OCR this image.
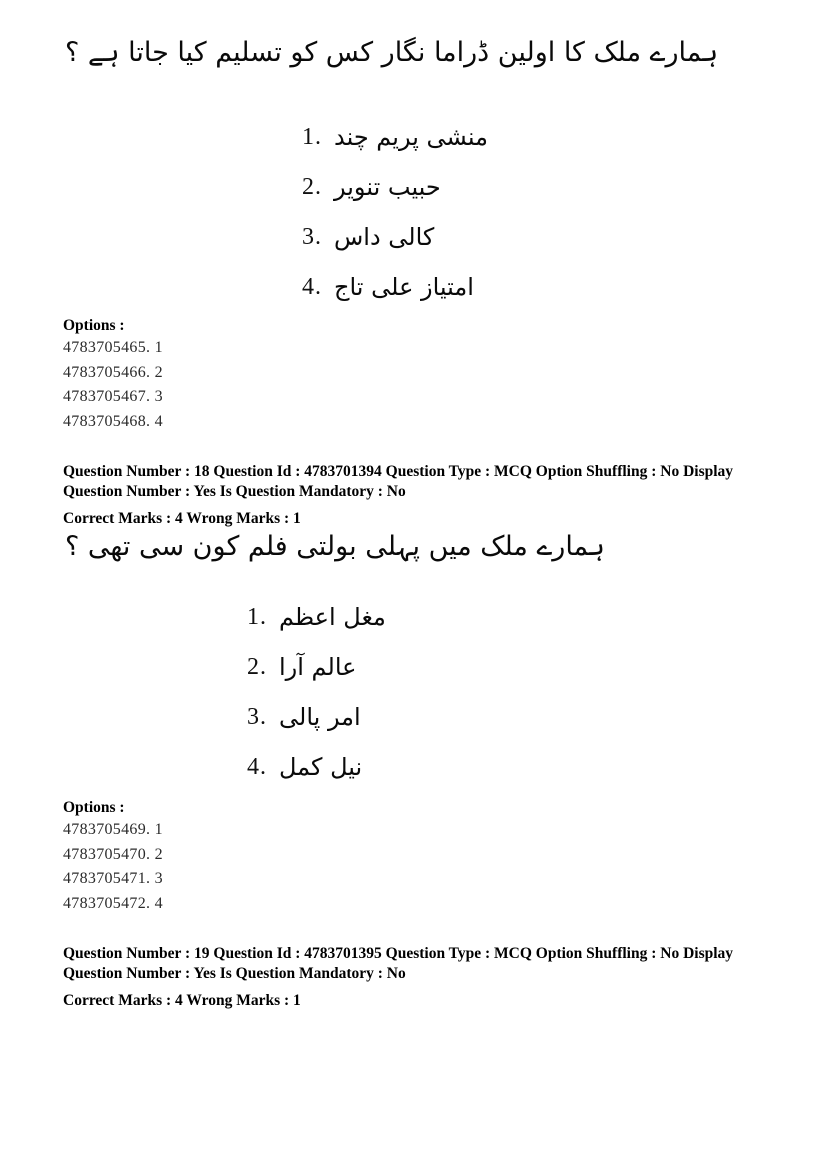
ہمارے ملک کا اولین ڈراما نگار کس کو تسلیم کیا جاتا ہے ؟
1. منشی پریم چند
2. حبیب تنویر
3. کالی داس
4. امتیاز علی تاج
Options :
4783705465. 1
4783705466. 2
4783705467. 3
4783705468. 4
Question Number : 18 Question Id : 4783701394 Question Type : MCQ Option Shuffling : No Display Question Number : Yes Is Question Mandatory : No
Correct Marks : 4 Wrong Marks : 1
ہمارے ملک میں پہلی بولتی فلم کون سی تھی ؟
1. مغل اعظم
2. عالم آرا
3. امر پالی
4. نیل کمل
Options :
4783705469. 1
4783705470. 2
4783705471. 3
4783705472. 4
Question Number : 19 Question Id : 4783701395 Question Type : MCQ Option Shuffling : No Display Question Number : Yes Is Question Mandatory : No
Correct Marks : 4 Wrong Marks : 1
